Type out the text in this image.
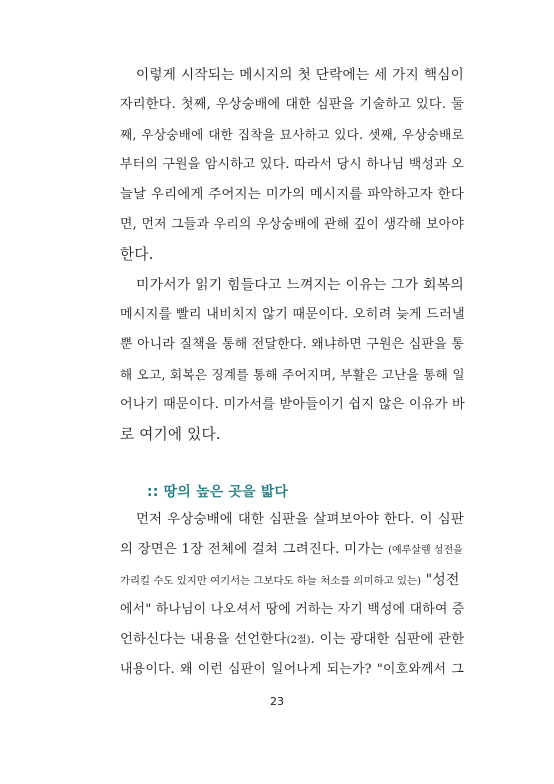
이렇게 시작되는 메시지의 첫 단락에는 세 가지 핵심이
자리한다. 첫째, 우상숭배에 대한 심판을 기술하고 있다. 둘
째, 우상숭배에 대한 집착을 묘사하고 있다. 셋째, 우상숭배로
부터의 구원을 암시하고 있다. 따라서 당시 하나님 백성과 오
늘날 우리에게 주어지는 미가의 메시지를 파악하고자 한다
면, 먼저 그들과 우리의 우상숭배에 관해 깊이 생각해 보아야
한다.
미가서가 읽기 힘들다고 느껴지는 이유는 그가 회복의
메시지를 빨리 내비치지 않기 때문이다. 오히려 늦게 드러낼
뿐 아니라 질책을 통해 전달한다. 왜냐하면 구원은 심판을 통
해 오고, 회복은 징계를 통해 주어지며, 부활은 고난을 통해 일
어나기 때문이다. 미가서를 받아들이기 쉽지 않은 이유가 바
로 여기에 있다.
:: 땅의 높은 곳을 밟다
먼저 우상숭배에 대한 심판을 살펴보아야 한다. 이 심판
의 장면은 1장 전체에 걸쳐 그려진다. 미가는 (예루살렘 성전을
가리킬 수도 있지만 여기서는 그보다도 하늘 처소를 의미하고 있는) "성전
에서" 하나님이 나오셔서 땅에 거하는 자기 백성에 대하여 증
언하신다는 내용을 선언한다(2절). 이는 광대한 심판에 관한
내용이다. 왜 이런 심판이 일어나게 되는가? "이호와께서 그
23
